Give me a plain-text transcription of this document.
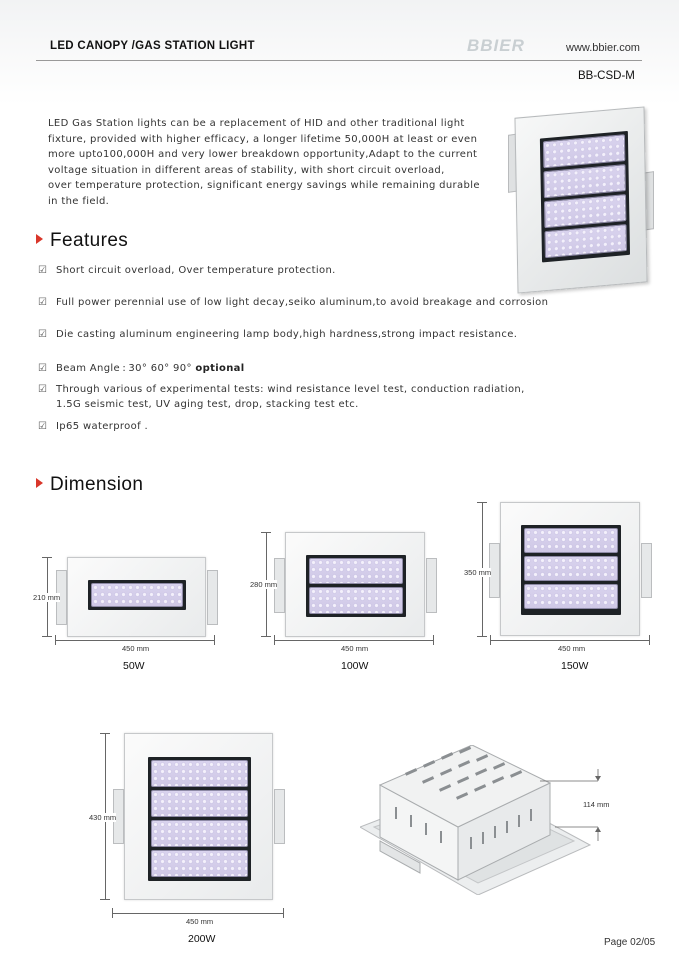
LED CANOPY /GAS STATION LIGHT	BBIER	www.bbier.com
BB-CSD-M

LED Gas Station lights can be a replacement of HID and other traditional light

fixture, provided with higher efficacy, a longer lifetime 50,000H at least or even

more upto100,000H and very lower breakdown opportunity,Adapt to the current

voltage situation in different areas of stability, with short circuit overload,

over temperature protection, significant energy savings while remaining durable

in the field.

Features
☑ Short circuit overload, Over temperature protection.
☑ Full power perennial use of low light decay,seiko aluminum,to avoid breakage and corrosion
☑ Die casting aluminum engineering lamp body,high hardness,strong impact resistance.
☑ Beam Angle : 30° 60° 90° optional
☑ Through various of experimental tests: wind resistance level test, conduction radiation,
1.5G seismic test, UV aging test, drop, stacking test etc.
☑ Ip65 waterproof .
Dimension
210 mm
450 mm
50W
280 mm
450 mm
100W
350 mm
450 mm
150W
430 mm
450 mm
200W
114 mm
Page 02/05
